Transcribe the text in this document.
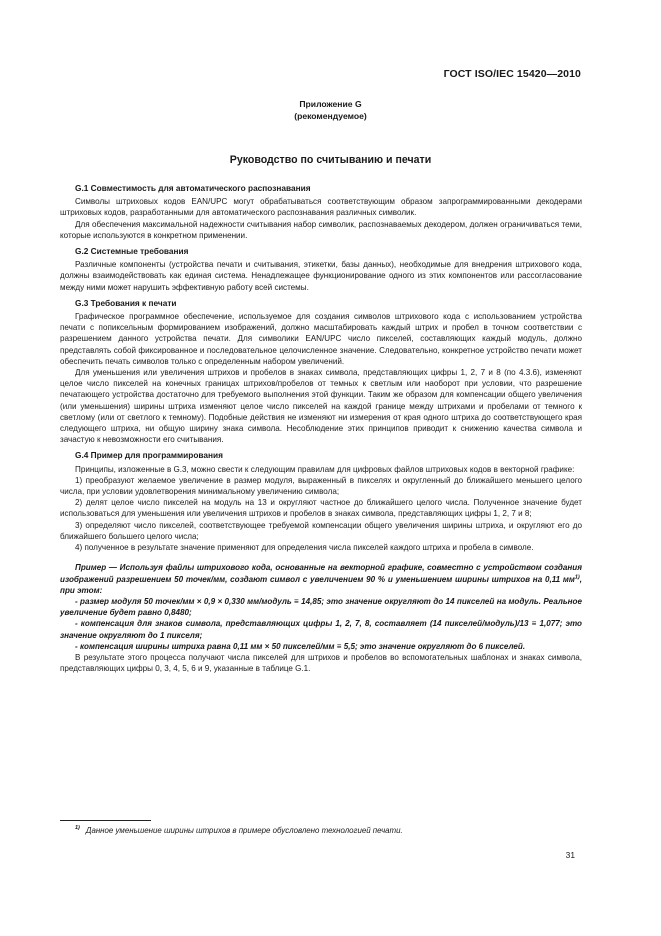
ГОСТ ISO/IEC 15420—2010
Приложение G
(рекомендуемое)
Руководство по считыванию и печати
G.1 Совместимость для автоматического распознавания

Символы штриховых кодов EAN/UPC могут обрабатываться соответствующим образом запрограммированными декодерами штриховых кодов, разработанными для автоматического распознавания различных символик.

Для обеспечения максимальной надежности считывания набор символик, распознаваемых декодером, должен ограничиваться теми, которые используются в конкретном применении.

G.2 Системные требования

Различные компоненты (устройства печати и считывания, этикетки, базы данных), необходимые для внедрения штрихового кода, должны взаимодействовать как единая система. Ненадлежащее функционирование одного из этих компонентов или рассогласование между ними может нарушить эффективную работу всей системы.

G.3 Требования к печати

Графическое программное обеспечение, используемое для создания символов штрихового кода с использованием устройства печати с попиксельным формированием изображений, должно масштабировать каждый штрих и пробел в точном соответствии с разрешением данного устройства печати. Для символики EAN/UPC число пикселей, составляющих каждый модуль, должно представлять собой фиксированное и последовательное целочисленное значение. Следовательно, конкретное устройство печати может обеспечить печать символов только с определенным набором увеличений.

Для уменьшения или увеличения штрихов и пробелов в знаках символа, представляющих цифры 1, 2, 7 и 8 (по 4.3.6), изменяют целое число пикселей на конечных границах штрихов/пробелов от темных к светлым или наоборот при условии, что разрешение печатающего устройства достаточно для требуемого выполнения этой функции. Таким же образом для компенсации общего увеличения (или уменьшения) ширины штриха изменяют целое число пикселей на каждой границе между штрихами и пробелами от темного к светлому (или от светлого к темному). Подобные действия не изменяют ни измерения от края одного штриха до соответствующего края следующего штриха, ни общую ширину знака символа. Несоблюдение этих принципов приводит к снижению качества символа и зачастую к невозможности его считывания.

G.4 Пример для программирования

Принципы, изложенные в G.3, можно свести к следующим правилам для цифровых файлов штриховых кодов в векторной графике:

1) преобразуют желаемое увеличение в размер модуля, выраженный в пикселях и округленный до ближайшего меньшего целого числа, при условии удовлетворения минимальному увеличению символа;

2) делят целое число пикселей на модуль на 13 и округляют частное до ближайшего целого числа. Полученное значение будет использоваться для уменьшения или увеличения штрихов и пробелов в знаках символа, представляющих цифры 1, 2, 7 и 8;

3) определяют число пикселей, соответствующее требуемой компенсации общего увеличения ширины штриха, и округляют его до ближайшего большего целого числа;

4) полученное в результате значение применяют для определения числа пикселей каждого штриха и пробела в символе.

Пример — Используя файлы штрихового кода, основанные на векторной графике, совместно с устройством создания изображений разрешением 50 точек/мм, создают символ с увеличением 90 % и уменьшением ширины штрихов на 0,11 $мм^{1)}$, при этом:

- размер модуля 50 точек/мм × 0,9 × 0,330 мм/модуль ≡ 14,85; это значение округляют до 14 пикселей на модуль. Реальное увеличение будет равно 0,8480;

- компенсация для знаков символа, представляющих цифры 1, 2, 7, 8, составляет (14 пикселей/модуль)/13 ≡ 1,077; это значение округляют до 1 пикселя;

- компенсация ширины штриха равна 0,11 мм × 50 пикселей/мм ≡ 5,5; это значение округляют до 6 пикселей.

В результате этого процесса получают числа пикселей для штрихов и пробелов во вспомогательных шаблонах и знаках символа, представляющих цифры 0, 3, 4, 5, 6 и 9, указанные в таблице G.1.

$^{1)}$ Данное уменьшение ширины штрихов в примере обусловлено технологией печати.
31
